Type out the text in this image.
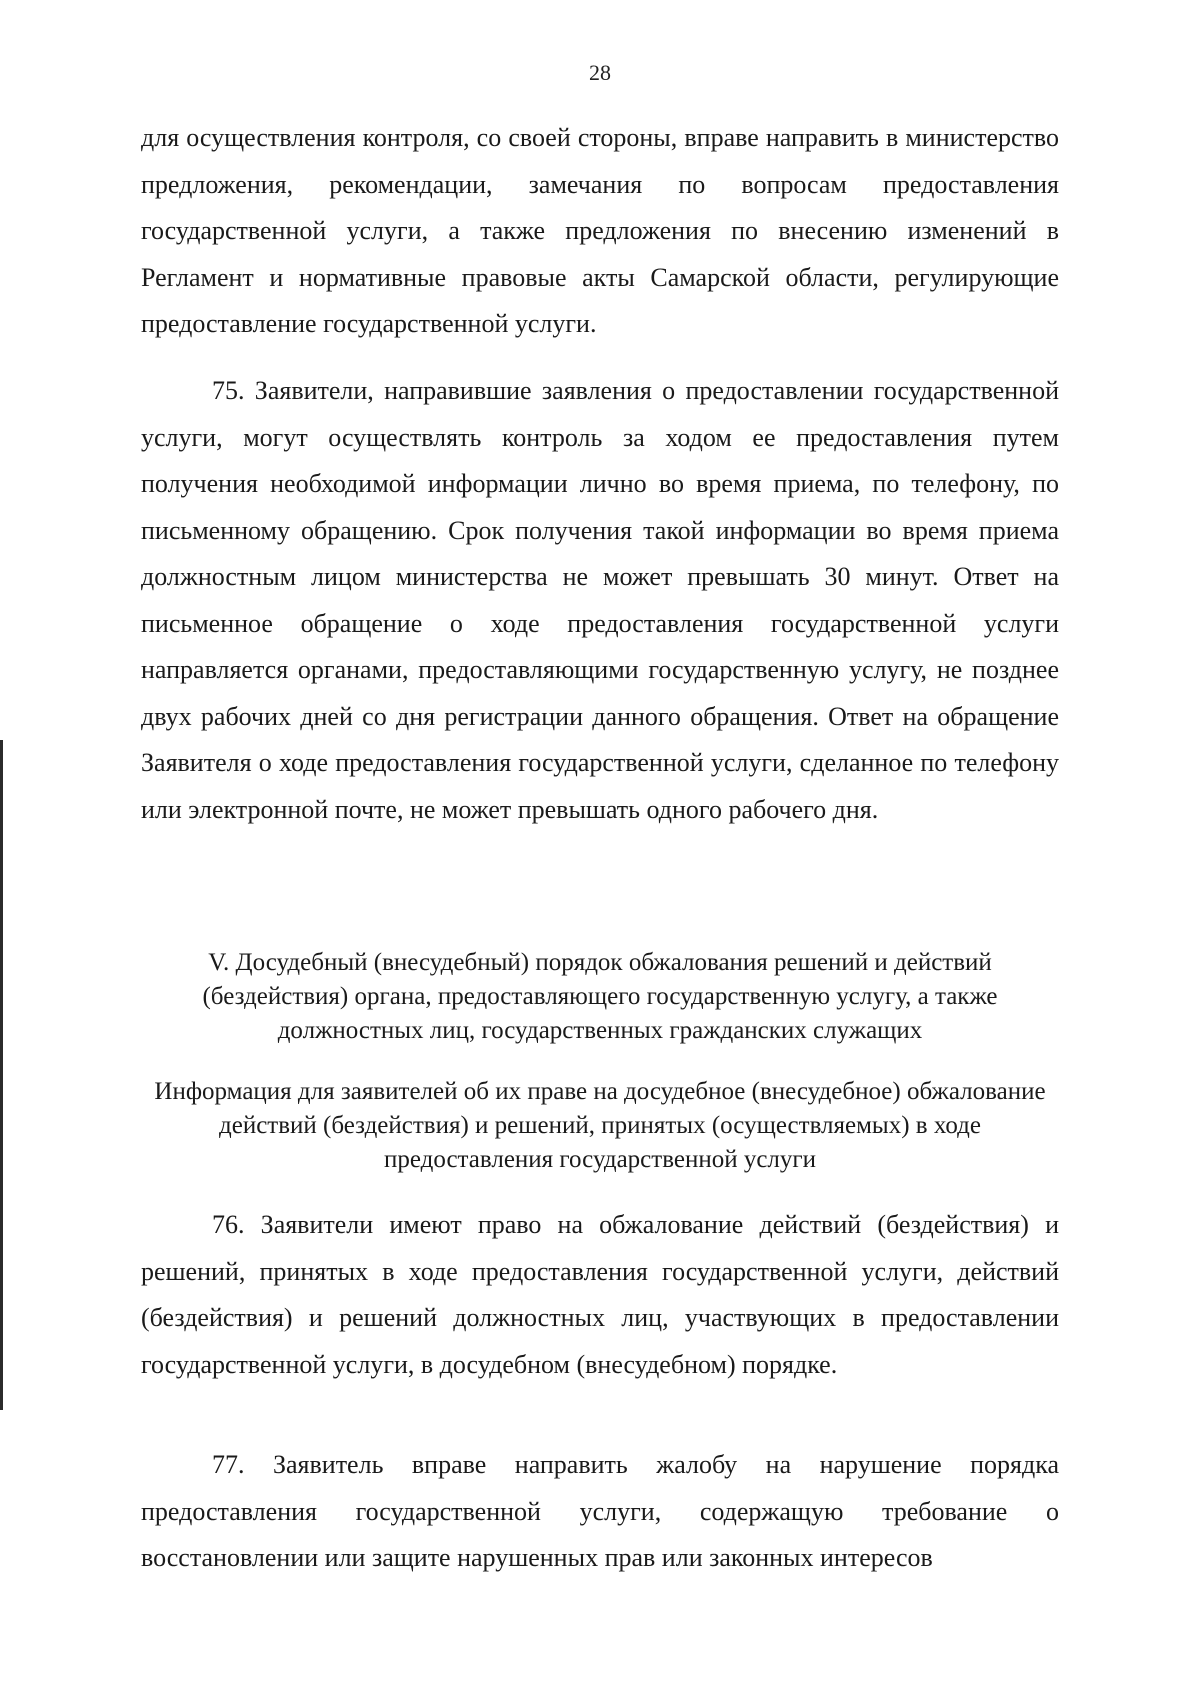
28

для осуществления контроля, со своей стороны, вправе направить в министерство предложения, рекомендации, замечания по вопросам предоставления государственной услуги, а также предложения по внесению изменений в Регламент и нормативные правовые акты Самарской области, регулирующие предоставление государственной услуги.

75. Заявители, направившие заявления о предоставлении государственной услуги, могут осуществлять контроль за ходом ее предоставления путем получения необходимой информации лично во время приема, по телефону, по письменному обращению. Срок получения такой информации во время приема должностным лицом министерства не может превышать 30 минут. Ответ на письменное обращение о ходе предоставления государственной услуги направляется органами, предоставляющими государственную услугу, не позднее двух рабочих дней со дня регистрации данного обращения. Ответ на обращение Заявителя о ходе предоставления государственной услуги, сделанное по телефону или электронной почте, не может превышать одного рабочего дня.

V. Досудебный (внесудебный) порядок обжалования решений и действий (бездействия) органа, предоставляющего государственную услугу, а также должностных лиц, государственных гражданских служащих
Информация для заявителей об их праве на досудебное (внесудебное) обжалование действий (бездействия) и решений, принятых (осуществляемых) в ходе предоставления государственной услуги

76. Заявители имеют право на обжалование действий (бездействия) и решений, принятых в ходе предоставления государственной услуги, действий (бездействия) и решений должностных лиц, участвующих в предоставлении государственной услуги, в досудебном (внесудебном) порядке.

77. Заявитель вправе направить жалобу на нарушение порядка предоставления государственной услуги, содержащую требование о восстановлении или защите нарушенных прав или законных интересов
